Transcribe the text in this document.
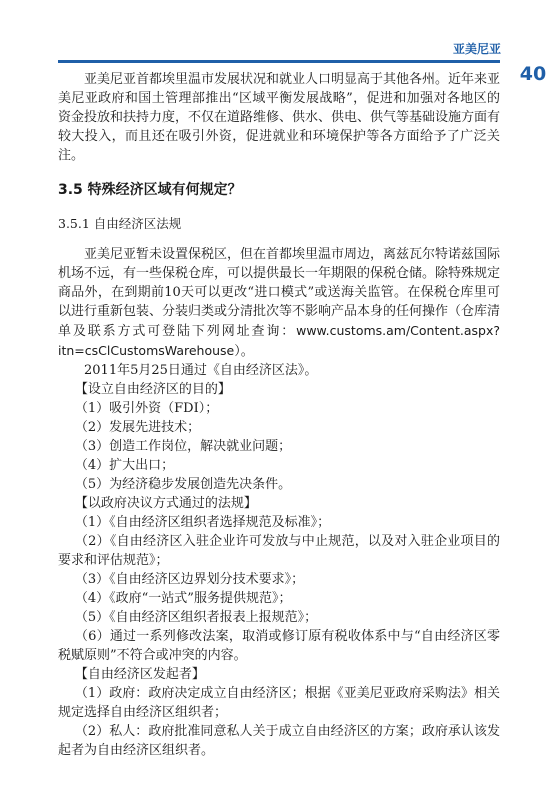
亚美尼亚
40

亚美尼亚首都埃里温市发展状况和就业人口明显高于其他各州。近年来亚美尼亚政府和国土管理部推出“区域平衡发展战略”，促进和加强对各地区的资金投放和扶持力度，不仅在道路维修、供水、供电、供气等基础设施方面有较大投入，而且还在吸引外资，促进就业和环境保护等各方面给予了广泛关注。

3.5 特殊经济区域有何规定？
3.5.1 自由经济区法规

亚美尼亚暂未设置保税区，但在首都埃里温市周边，离兹瓦尔特诺兹国际机场不远，有一些保税仓库，可以提供最长一年期限的保税仓储。除特殊规定商品外，在到期前10天可以更改“进口模式”或送海关监管。在保税仓库里可以进行重新包装、分装归类或分清批次等不影响产品本身的任何操作（仓库清单及联系方式可登陆下列网址查询：www.customs.am/Content.aspx?itn=csClCustomsWarehouse）。

2011年5月25日通过《自由经济区法》。

【设立自由经济区的目的】

（1）吸引外资（FDI）；

（2）发展先进技术；

（3）创造工作岗位，解决就业问题；

（4）扩大出口；

（5）为经济稳步发展创造先决条件。

【以政府决议方式通过的法规】

（1）《自由经济区组织者选择规范及标准》；

（2）《自由经济区入驻企业许可发放与中止规范，以及对入驻企业项目的要求和评估规范》；

（3）《自由经济区边界划分技术要求》；

（4）《政府“一站式”服务提供规范》；

（5）《自由经济区组织者报表上报规范》；

（6）通过一系列修改法案，取消或修订原有税收体系中与“自由经济区零税赋原则”不符合或冲突的内容。

【自由经济区发起者】

（1）政府：政府决定成立自由经济区；根据《亚美尼亚政府采购法》相关规定选择自由经济区组织者；

（2）私人：政府批准同意私人关于成立自由经济区的方案；政府承认该发起者为自由经济区组织者。
